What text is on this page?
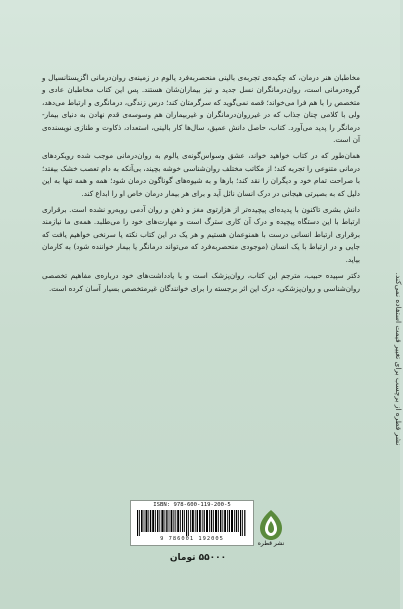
مخاطبان هنر درمان، که چکیده‌ی تجربه‌ی بالینی منحصربه‌فرد یالوم در زمینه‌ی روان‌درمانی اگزیستانسیال و گروه‌درمانی است، روان‌درمانگران نسل جدید و نیز بیماران‌شان هستند. پس این کتاب مخاطبان عادی و متخصص را با هم فرا می‌خواند؛ قصه نمی‌گوید که سرگرمتان کند؛ درس زندگی، درمانگری و ارتباط می‌دهد، ولی با کلامی چنان جذاب که در غیرروان‌درمانگران و غیربیماران هم وسوسه‌ی قدم نهادن به دنیای بیمار-درمانگر را پدید می‌آورد. کتاب، حاصل دانش عمیق، سال‌ها کار بالینی، استعداد، ذکاوت و طنازی نویسنده‌ی آن است.

همان‌طور که در کتاب خواهید خواند، عشق وسواس‌گونه‌ی یالوم به روان‌درمانی موجب شده رویکردهای درمانی متنوعی را تجربه کند؛ از مکاتب مختلف روان‌شناسی خوشه بچیند، بی‌آنکه به دام تعصب خشک بیفتد؛ با صراحت تمام خود و دیگران را نقد کند؛ بارها و به شیوه‌های گوناگون درمان شود؛ همه و همه تنها به این دلیل که به بصیرتی هیجانی در درک انسان نائل آید و برای هر بیمار درمان خاص او را ابداع کند.

دانش بشری تاکنون با پدیده‌ای پیچیده‌تر از هزارتوی مغز و ذهن و روان آدمی روبه‌رو نشده است. برقراری ارتباط با این دستگاه پیچیده و درک آن کاری سترگ است و مهارت‌های خود را می‌طلبد. همه‌ی ما نیازمند برقراری ارتباط انسانی درست با همنوعمان هستیم و هر یک در این کتاب نکته یا سرنخی خواهیم یافت که جایی و در ارتباط با یک انسان (موجودی منحصربه‌فرد که می‌تواند درمانگر یا بیمار خواننده شود) به کارمان بیاید.

دکتر سپیده حبیب، مترجم این کتاب، روان‌پزشک است و با یادداشت‌های خود درباره‌ی مفاهیم تخصصی روان‌شناسی و روان‌پزشکی، درک این اثر برجسته را برای خوانندگان غیرمتخصص بسیار آسان کرده است.	نشر قطره از برچسب برای تغییر قیمت استفاده نمی‌کند.
ISBN: 978-600-119-200-5
9 786001 192005
نشر قطره
۵۵۰۰۰ تومان
